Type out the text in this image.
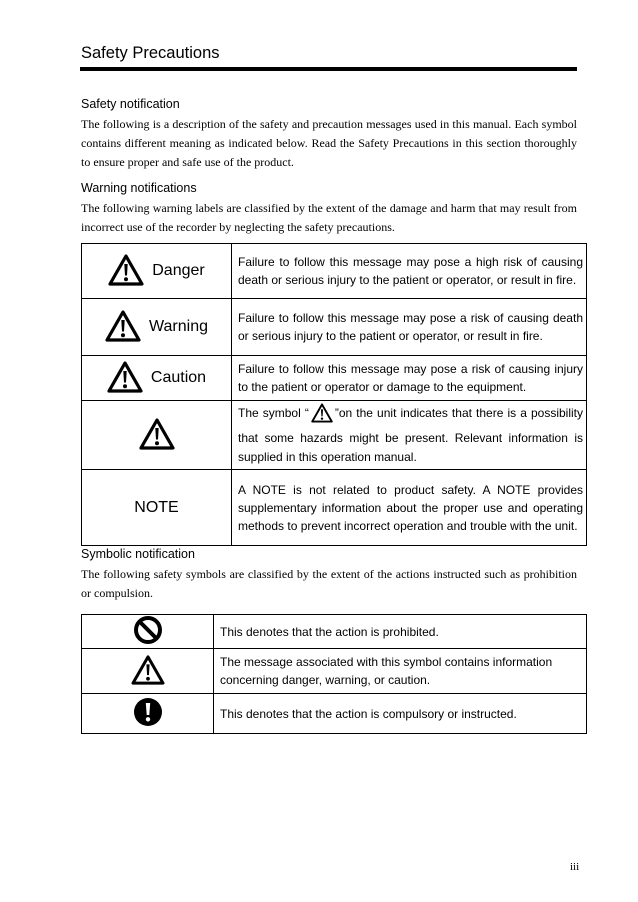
Safety Precautions
Safety notification
The following is a description of the safety and precaution messages used in this manual. Each symbol contains different meaning as indicated below. Read the Safety Precautions in this section thoroughly to ensure proper and safe use of the product.
Warning notifications
The following warning labels are classified by the extent of the damage and harm that may result from incorrect use of the recorder by neglecting the safety precautions.
Danger	Failure to follow this message may pose a high risk of causing death or serious injury to the patient or operator, or result in fire.

Warning	Failure to follow this message may pose a risk of causing death or serious injury to the patient or operator, or result in fire.

Caution	Failure to follow this message may pose a risk of causing injury to the patient or operator or damage to the equipment.

	The symbol “ ”on the unit indicates that there is a possibility that some hazards might be present. Relevant information is supplied in this operation manual.

NOTE	A NOTE is not related to product safety. A NOTE provides supplementary information about the proper use and operating methods to prevent incorrect operation and trouble with the unit.
Symbolic notification
The following safety symbols are classified by the extent of the actions instructed such as prohibition or compulsion.
	This denotes that the action is prohibited.
	The message associated with this symbol contains information concerning danger, warning, or caution.
	This denotes that the action is compulsory or instructed.
iii
